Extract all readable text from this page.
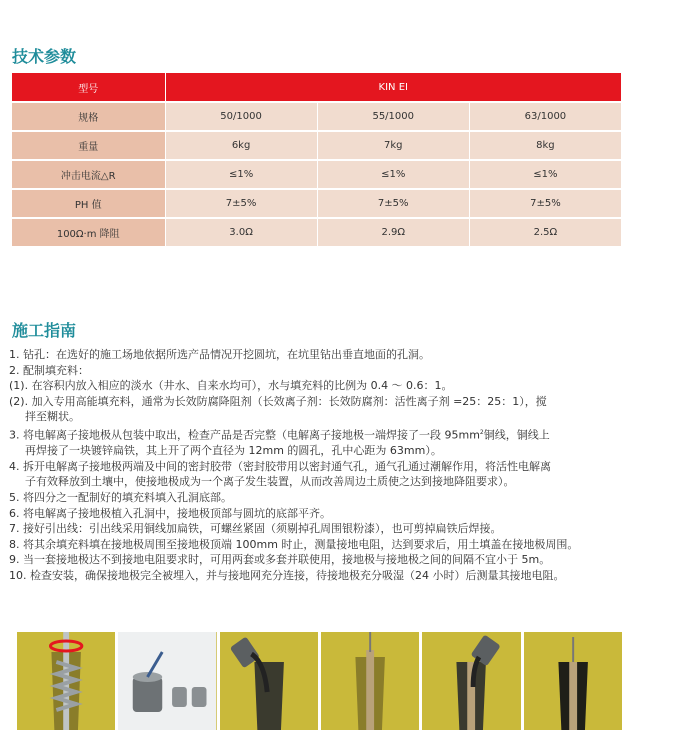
技术参数
型号	KIN EI		
规格	50/1000	55/1000	63/1000
重量	6kg	7kg	8kg
冲击电流△R	≤1%	≤1%	≤1%
PH 值	7±5%	7±5%	7±5%
100Ω·m 降阻	3.0Ω	2.9Ω	2.5Ω
施工指南
1. 钻孔：在选好的施工场地依据所选产品情况开挖圆坑，在坑里钻出垂直地面的孔洞。
2. 配制填充料：
(1). 在容积内放入相应的淡水（井水、自来水均可），水与填充料的比例为 0.4 ～ 0.6：1。
(2). 加入专用高能填充料，通常为长效防腐降阻剂（长效离子剂：长效防腐剂：活性离子剂 =25：25：1），搅
拌至糊状。
3. 将电解离子接地极从包装中取出，检查产品是否完整（电解离子接地极一端焊接了一段 $95mm^2$铜线，铜线上
再焊接了一块镀锌扁铁，其上开了两个直径为 12mm 的圆孔，孔中心距为 63mm）。
4. 拆开电解离子接地极两端及中间的密封胶带（密封胶带用以密封通气孔，通气孔通过潮解作用，将活性电解离
子有效释放到土壤中，使接地极成为一个离子发生装置，从而改善周边土质使之达到接地降阻要求）。
5. 将四分之一配制好的填充料填入孔洞底部。
6. 将电解离子接地极植入孔洞中，接地极顶部与圆坑的底部平齐。
7. 接好引出线：引出线采用铜线加扁铁，可螺丝紧固（须剔掉孔周围银粉漆），也可剪掉扁铁后焊接。
8. 将其余填充料填在接地极周围至接地极顶端 100mm 时止，测量接地电阻，达到要求后，用土填盖在接地极周围。
9. 当一套接地极达不到接地电阻要求时，可用两套或多套并联使用，接地极与接地极之间的间隔不宜小于 5m。
10. 检查安装，确保接地极完全被埋入，并与接地网充分连接，待接地极充分吸湿（24 小时）后测量其接地电阻。
